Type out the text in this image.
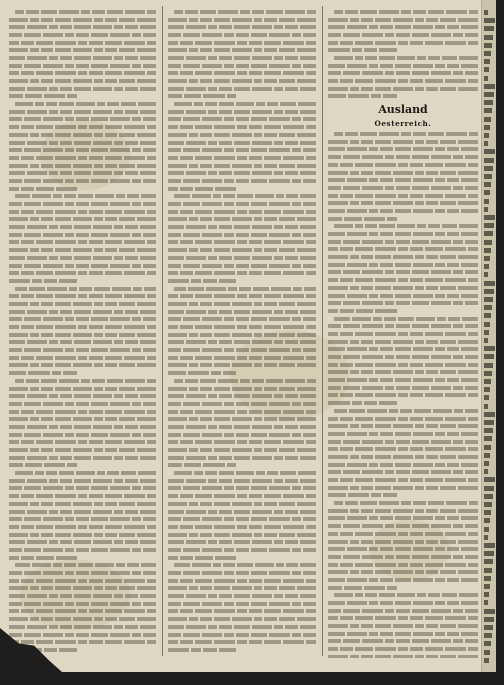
Ausland
Oesterreich.
